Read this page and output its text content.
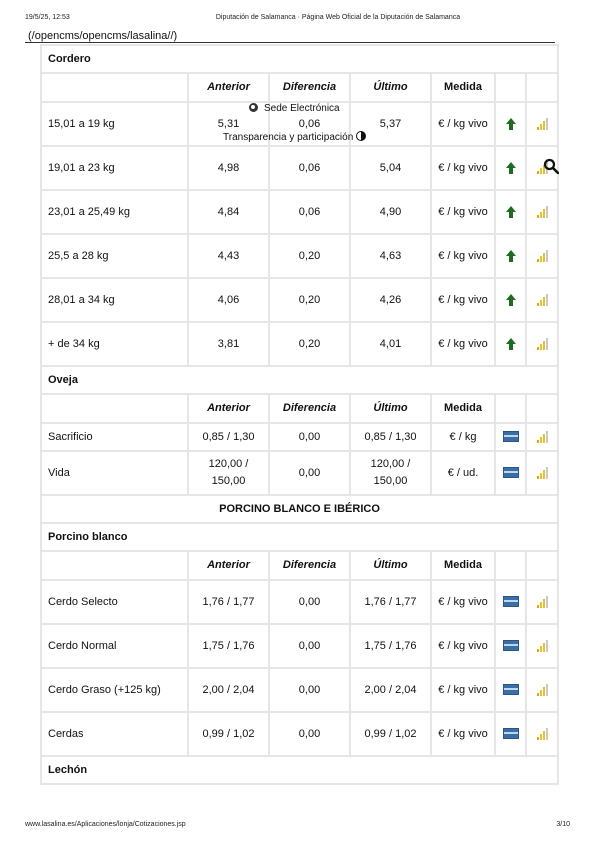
19/5/25, 12:53	Diputación de Salamanca · Página Web Oficial de la Diputación de Salamanca
(/opencms/opencms/lasalina//)
Cordero						
	Anterior	Diferencia	Último	Medida		
15,01 a 19 kg	5,31	0,06	5,37	€ / kg vivo		

19,01 a 23 kg	4,98	0,06	5,04	€ / kg vivo		

23,01 a 25,49 kg	4,84	0,06	4,90	€ / kg vivo		

25,5 a 28 kg	4,43	0,20	4,63	€ / kg vivo		

28,01 a 34 kg	4,06	0,20	4,26	€ / kg vivo		

+ de 34 kg	3,81	0,20	4,01	€ / kg vivo		

Oveja						
	Anterior	Diferencia	Último	Medida		
Sacrificio	0,85 / 1,30	0,00	0,85 / 1,30	€ / kg		

Vida	120,00 / 150,00	0,00	120,00 / 150,00	€ / ud.		

PORCINO BLANCO E IBÉRICO						
Porcino blanco						
	Anterior	Diferencia	Último	Medida		
Cerdo Selecto	1,76 / 1,77	0,00	1,76 / 1,77	€ / kg vivo		

Cerdo Normal	1,75 / 1,76	0,00	1,75 / 1,76	€ / kg vivo		

Cerdo Graso (+125 kg)	2,00 / 2,04	0,00	2,00 / 2,04	€ / kg vivo		

Cerdas	0,99 / 1,02	0,00	0,99 / 1,02	€ / kg vivo		

Lechón						
Sede Electrónica
Transparencia y participación
www.lasalina.es/Aplicaciones/lonja/Cotizaciones.jsp	3/10
